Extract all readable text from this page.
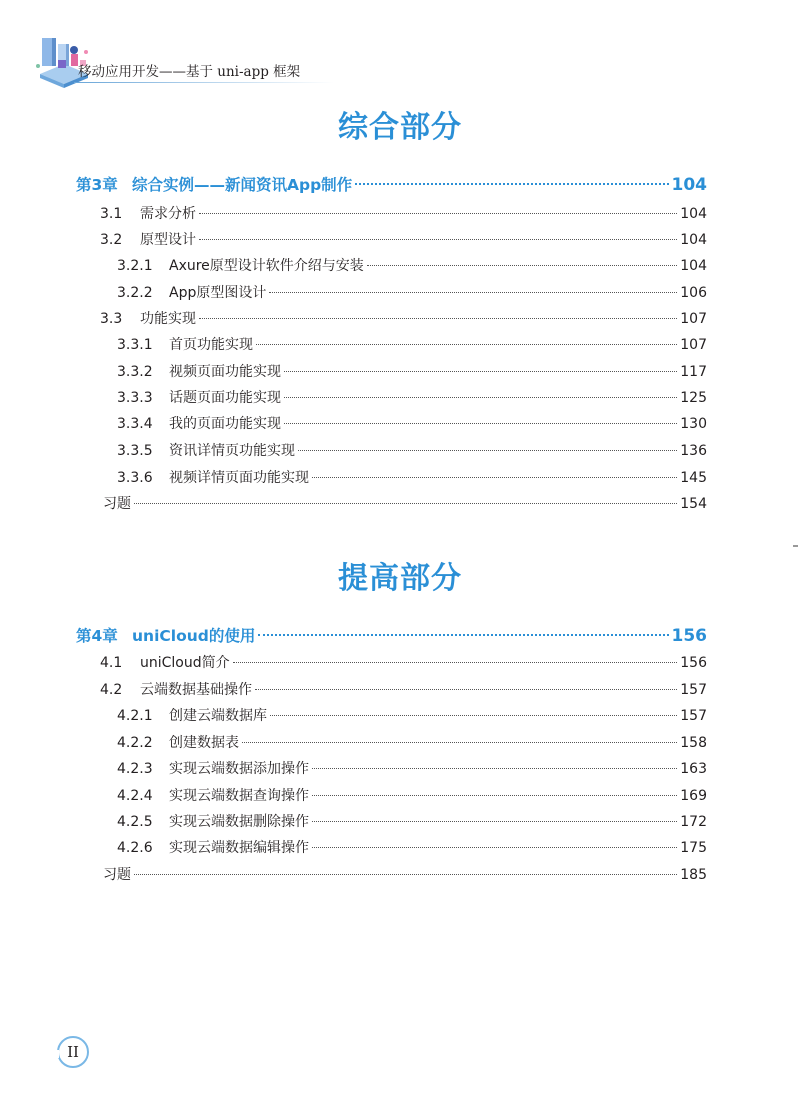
移动应用开发——基于 uni-app 框架
综合部分
第3章 综合实例——新闻资讯App制作	104
3.1	需求分析	104
3.2	原型设计	104
3.2.1	Axure原型设计软件介绍与安装	104
3.2.2	App原型图设计	106
3.3	功能实现	107
3.3.1	首页功能实现	107
3.3.2	视频页面功能实现	117
3.3.3	话题页面功能实现	125
3.3.4	我的页面功能实现	130
3.3.5	资讯详情页功能实现	136
3.3.6	视频详情页面功能实现	145
习题	154
提高部分
第4章 uniCloud的使用	156
4.1	uniCloud简介	156
4.2	云端数据基础操作	157
4.2.1	创建云端数据库	157
4.2.2	创建数据表	158
4.2.3	实现云端数据添加操作	163
4.2.4	实现云端数据查询操作	169
4.2.5	实现云端数据删除操作	172
4.2.6	实现云端数据编辑操作	175
习题	185
II
